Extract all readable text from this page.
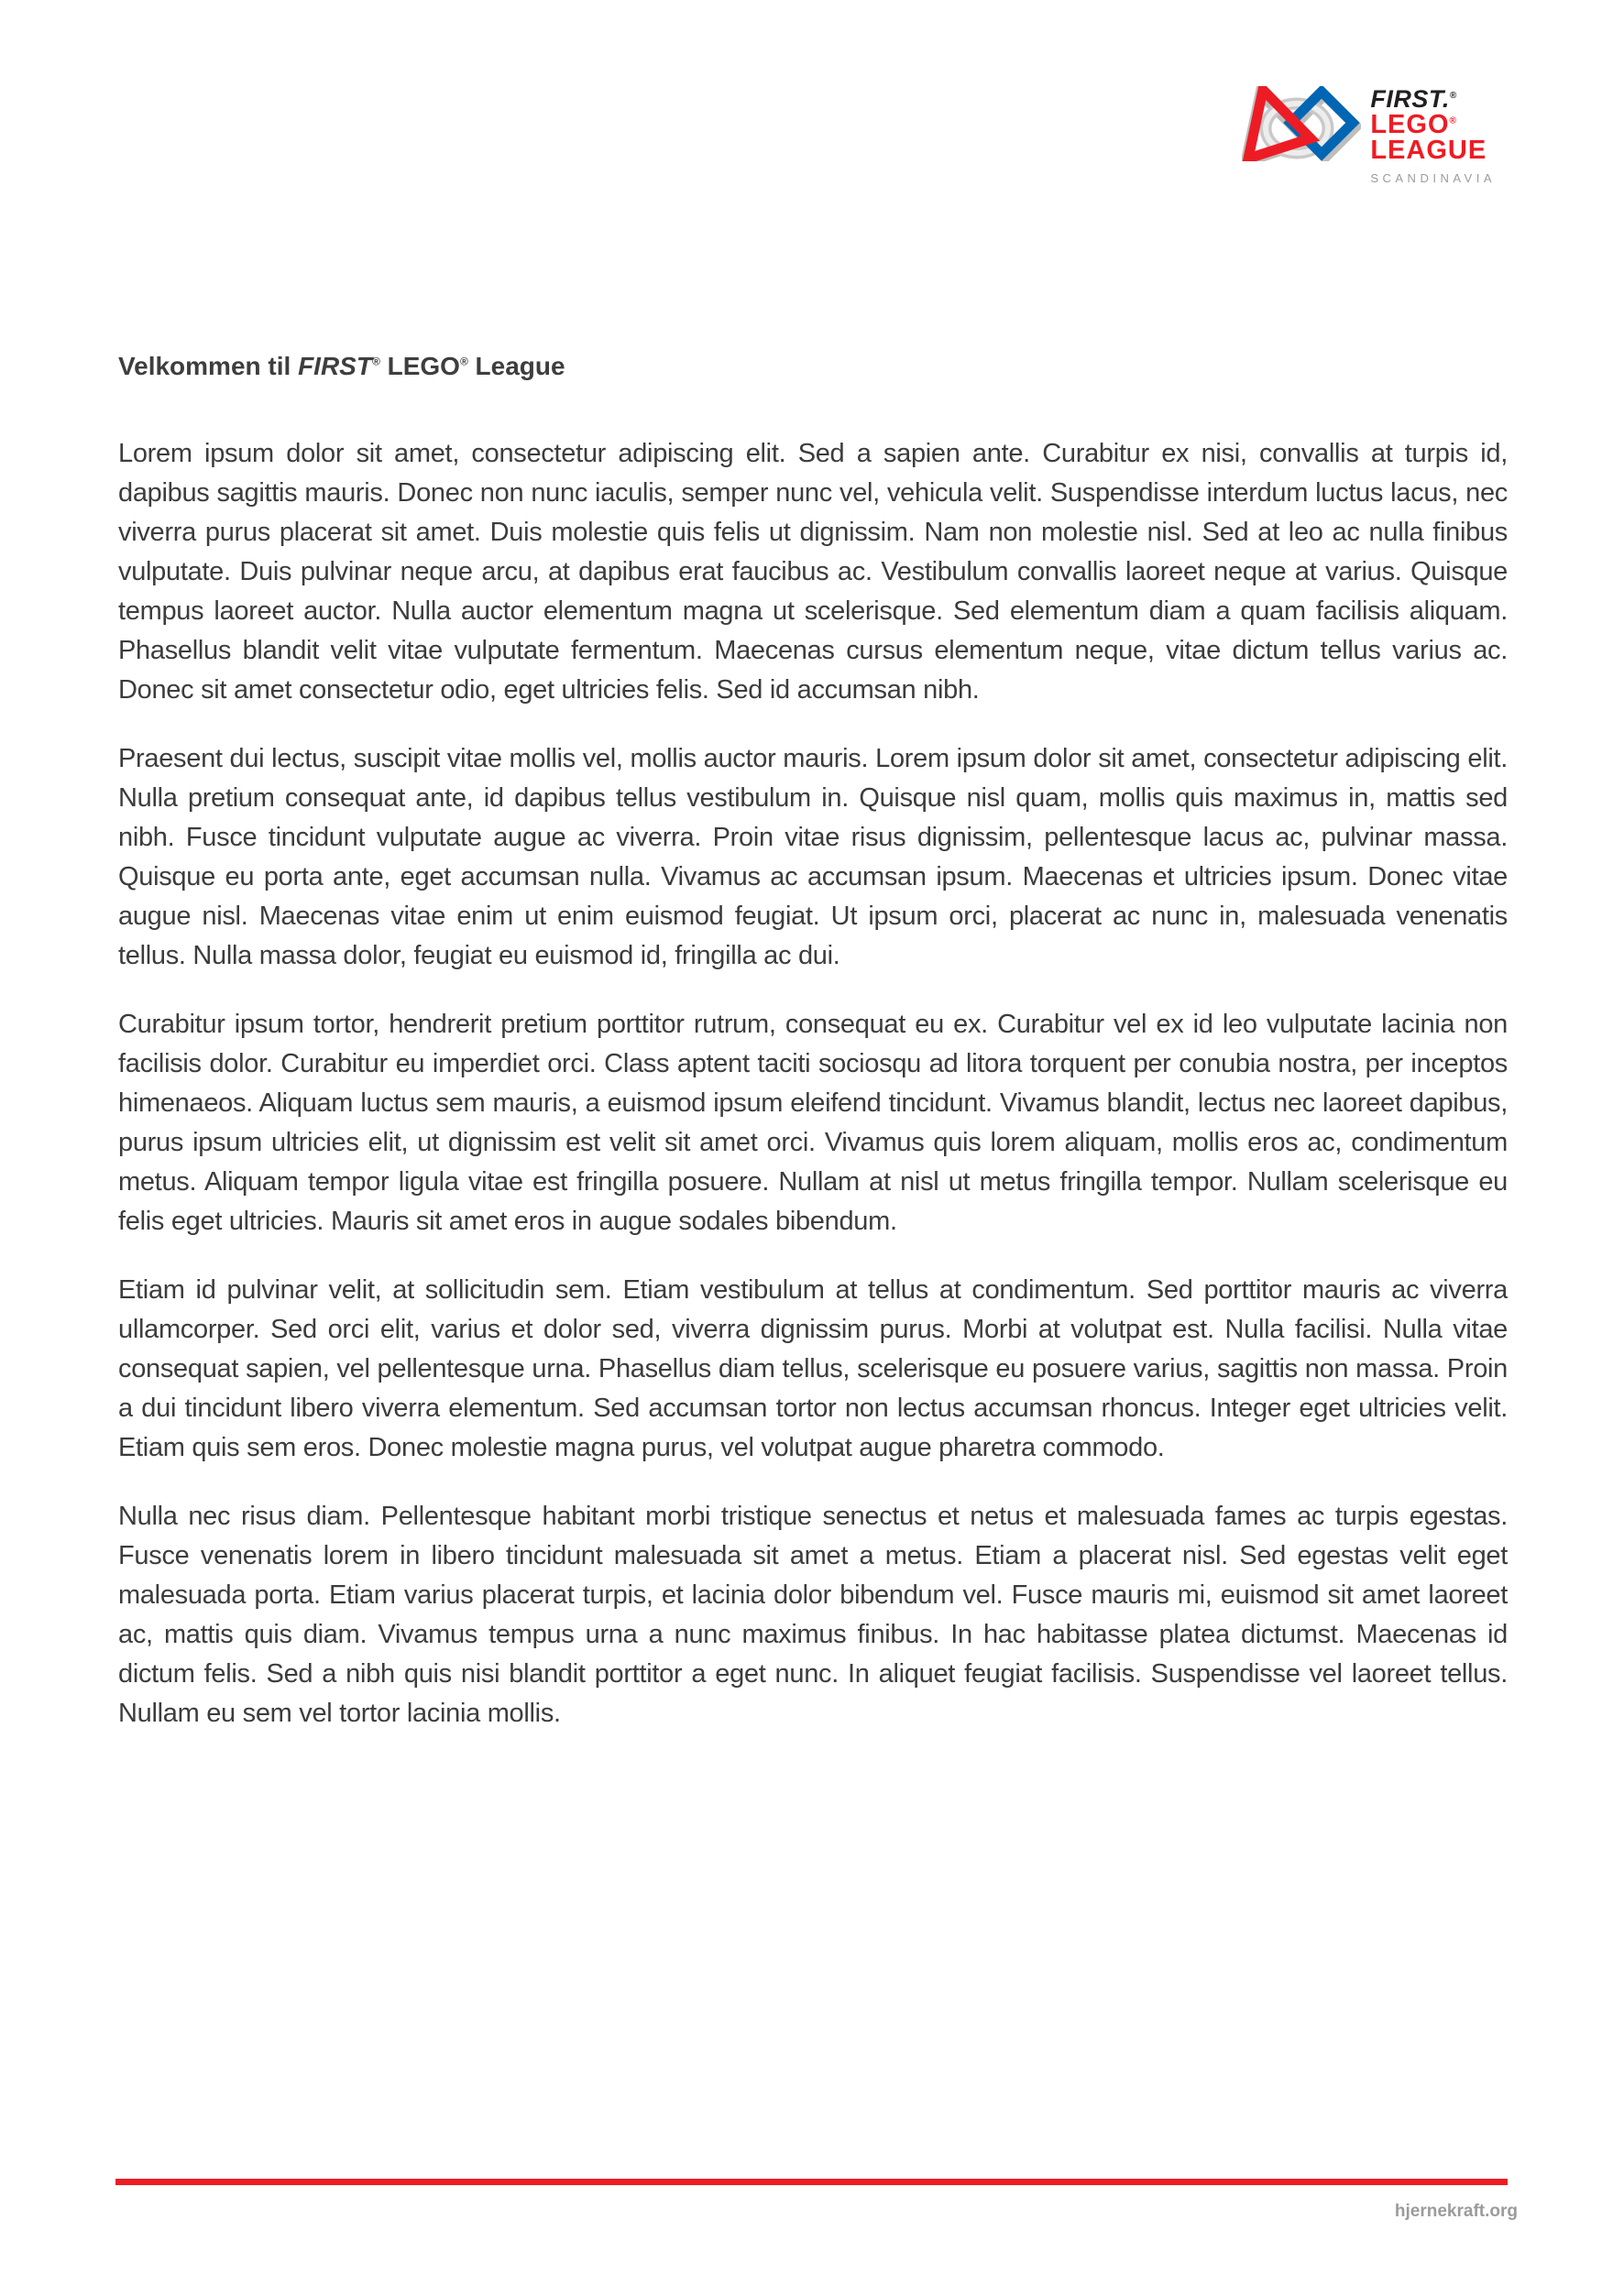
FIRST.®
LEGO®
LEAGUE
SCANDINAVIA
Velkommen til FIRST® LEGO® League

Lorem ipsum dolor sit amet, consectetur adipiscing elit. Sed a sapien ante. Curabitur ex nisi, convallis at turpis id, dapibus sagittis mauris. Donec non nunc iaculis, semper nunc vel, vehicula velit. Suspendisse interdum luctus lacus, nec viverra purus placerat sit amet. Duis molestie quis felis ut dignissim. Nam non molestie nisl. Sed at leo ac nulla finibus vulputate. Duis pulvinar neque arcu, at dapibus erat faucibus ac. Vestibulum convallis laoreet neque at varius. Quisque tempus laoreet auctor. Nulla auctor elementum magna ut scelerisque. Sed elementum diam a quam facilisis aliquam. Phasellus blandit velit vitae vulputate fermentum. Maecenas cursus elementum neque, vitae dictum tellus varius ac. Donec sit amet consectetur odio, eget ultricies felis. Sed id accumsan nibh.

Praesent dui lectus, suscipit vitae mollis vel, mollis auctor mauris. Lorem ipsum dolor sit amet, consectetur adipiscing elit. Nulla pretium consequat ante, id dapibus tellus vestibulum in. Quisque nisl quam, mollis quis maximus in, mattis sed nibh. Fusce tincidunt vulputate augue ac viverra. Proin vitae risus dignissim, pellentesque lacus ac, pulvinar massa. Quisque eu porta ante, eget accumsan nulla. Vivamus ac accumsan ipsum. Maecenas et ultricies ipsum. Donec vitae augue nisl. Maecenas vitae enim ut enim euismod feugiat. Ut ipsum orci, placerat ac nunc in, malesuada venenatis tellus. Nulla massa dolor, feugiat eu euismod id, fringilla ac dui.

Curabitur ipsum tortor, hendrerit pretium porttitor rutrum, consequat eu ex. Curabitur vel ex id leo vulputate lacinia non facilisis dolor. Curabitur eu imperdiet orci. Class aptent taciti sociosqu ad litora torquent per conubia nostra, per inceptos himenaeos. Aliquam luctus sem mauris, a euismod ipsum eleifend tincidunt. Vivamus blandit, lectus nec laoreet dapibus, purus ipsum ultricies elit, ut dignissim est velit sit amet orci. Vivamus quis lorem aliquam, mollis eros ac, condimentum metus. Aliquam tempor ligula vitae est fringilla posuere. Nullam at nisl ut metus fringilla tempor. Nullam scelerisque eu felis eget ultricies. Mauris sit amet eros in augue sodales bibendum.

Etiam id pulvinar velit, at sollicitudin sem. Etiam vestibulum at tellus at condimentum. Sed porttitor mauris ac viverra ullamcorper. Sed orci elit, varius et dolor sed, viverra dignissim purus. Morbi at volutpat est. Nulla facilisi. Nulla vitae consequat sapien, vel pellentesque urna. Phasellus diam tellus, scelerisque eu posuere varius, sagittis non massa. Proin a dui tincidunt libero viverra elementum. Sed accumsan tortor non lectus accumsan rhoncus. Integer eget ultricies velit. Etiam quis sem eros. Donec molestie magna purus, vel volutpat augue pharetra commodo.

Nulla nec risus diam. Pellentesque habitant morbi tristique senectus et netus et malesuada fames ac turpis egestas. Fusce venenatis lorem in libero tincidunt malesuada sit amet a metus. Etiam a placerat nisl. Sed egestas velit eget malesuada porta. Etiam varius placerat turpis, et lacinia dolor bibendum vel. Fusce mauris mi, euismod sit amet laoreet ac, mattis quis diam. Vivamus tempus urna a nunc maximus finibus. In hac habitasse platea dictumst. Maecenas id dictum felis. Sed a nibh quis nisi blandit porttitor a eget nunc. In aliquet feugiat facilisis. Suspendisse vel laoreet tellus. Nullam eu sem vel tortor lacinia mollis.

hjernekraft.org
